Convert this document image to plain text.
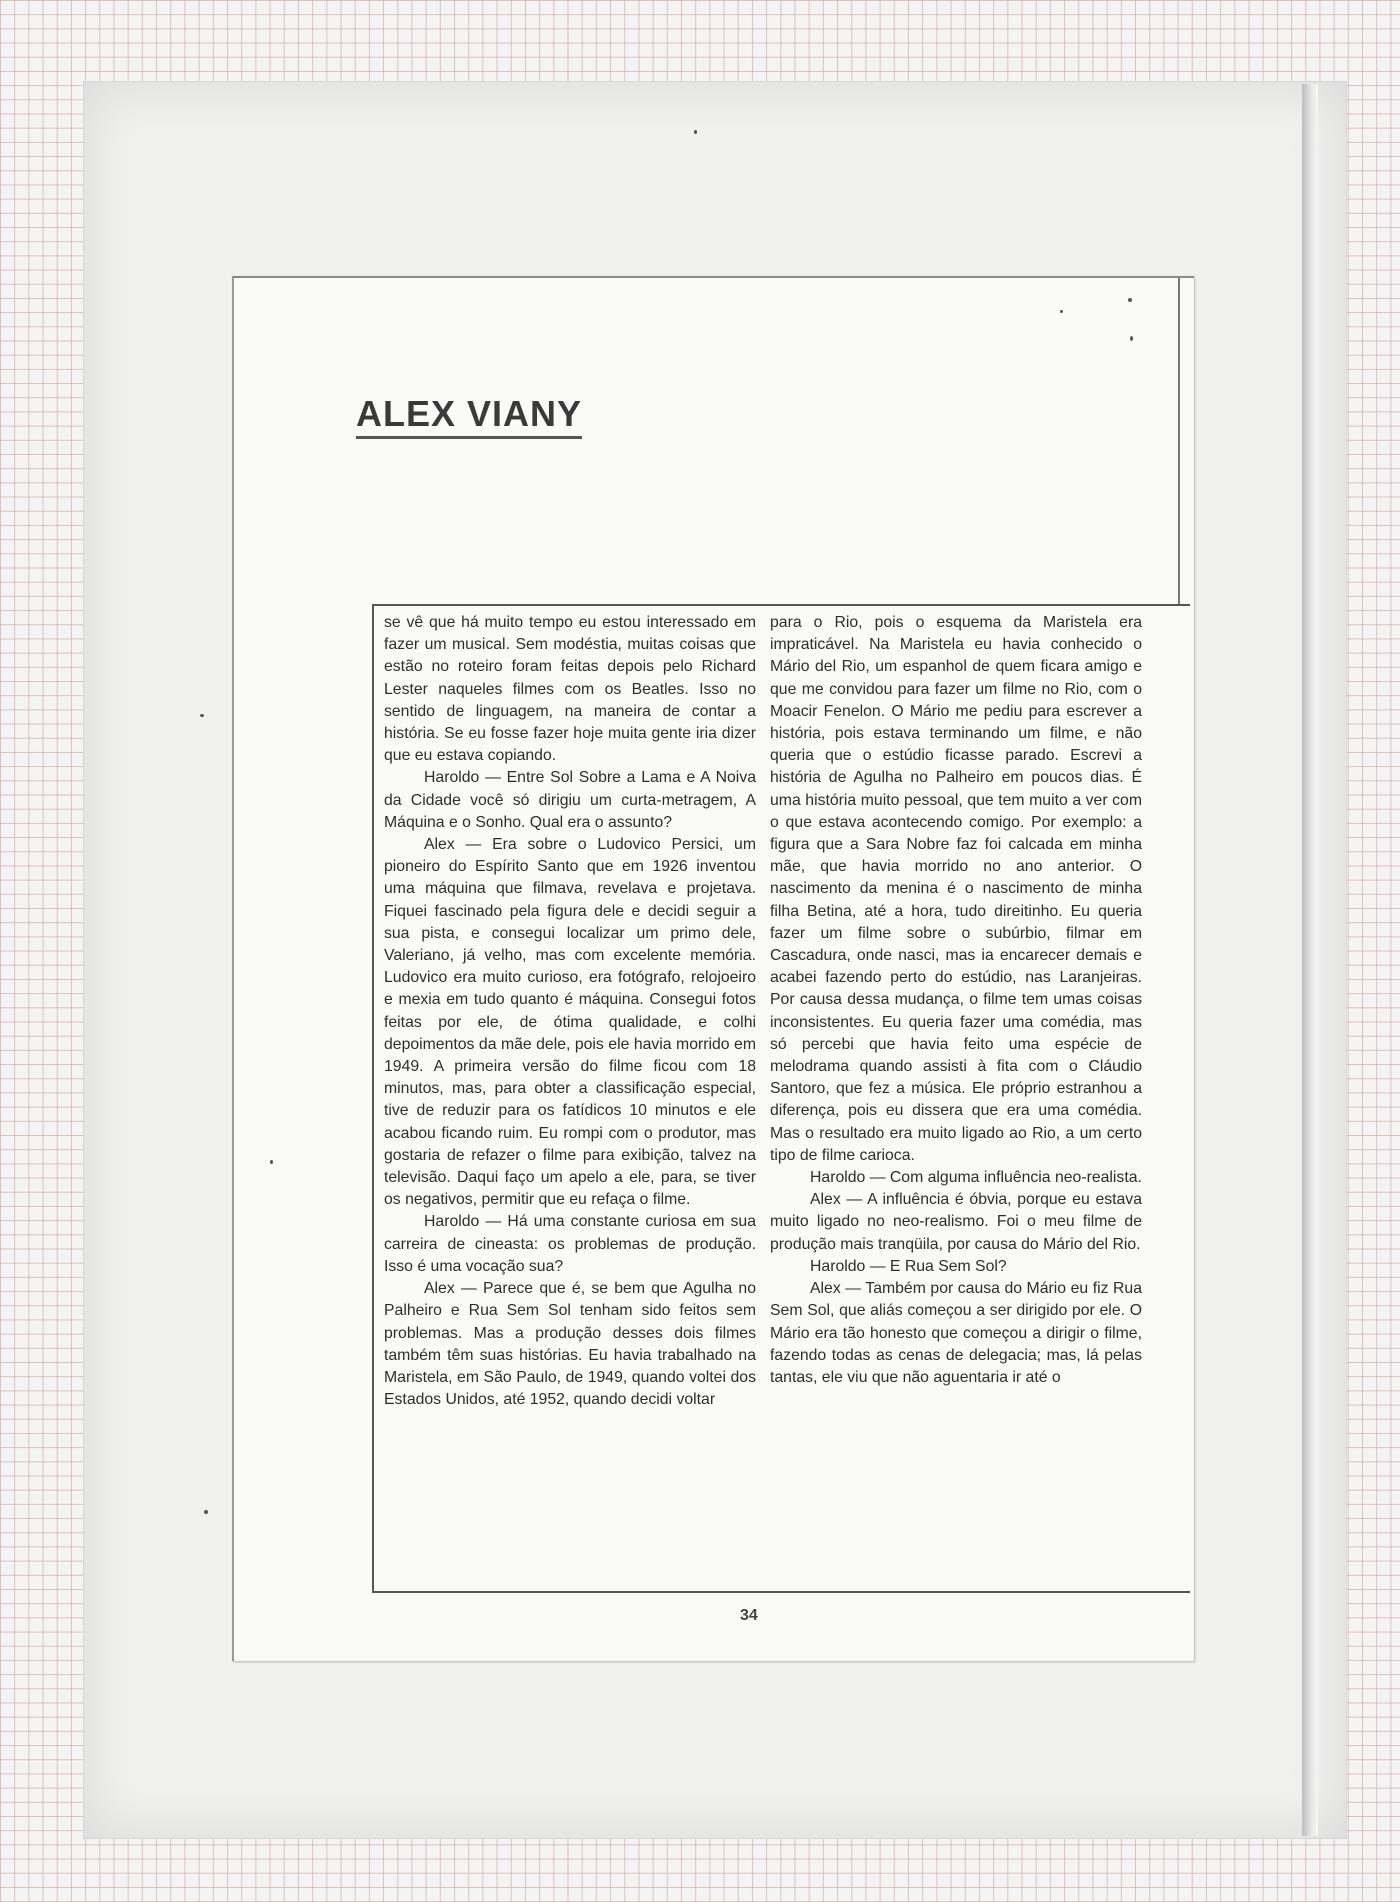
ALEX VIANY

se vê que há muito tempo eu estou interessado em fazer um musical. Sem modéstia, muitas coisas que estão no roteiro foram feitas depois pelo Richard Lester naqueles filmes com os Beatles. Isso no sentido de linguagem, na maneira de contar a história. Se eu fosse fazer hoje muita gente iria dizer que eu estava copiando.

Haroldo — Entre Sol Sobre a Lama e A Noiva da Cidade você só dirigiu um curta-metragem, A Máquina e o Sonho. Qual era o assunto?

Alex — Era sobre o Ludovico Persici, um pioneiro do Espírito Santo que em 1926 inventou uma máquina que filmava, revelava e projetava. Fiquei fascinado pela figura dele e decidi seguir a sua pista, e consegui localizar um primo dele, Valeriano, já velho, mas com excelente memória. Ludovico era muito curioso, era fotógrafo, relojoeiro e mexia em tudo quanto é máquina. Consegui fotos feitas por ele, de ótima qualidade, e colhi depoimentos da mãe dele, pois ele havia morrido em 1949. A primeira versão do filme ficou com 18 minutos, mas, para obter a classificação especial, tive de reduzir para os fatídicos 10 minutos e ele acabou ficando ruim. Eu rompi com o produtor, mas gostaria de refazer o filme para exibição, talvez na televisão. Daqui faço um apelo a ele, para, se tiver os negativos, permitir que eu refaça o filme.

Haroldo — Há uma constante curiosa em sua carreira de cineasta: os problemas de produção. Isso é uma vocação sua?

Alex — Parece que é, se bem que Agulha no Palheiro e Rua Sem Sol tenham sido feitos sem problemas. Mas a produção desses dois filmes também têm suas histórias. Eu havia trabalhado na Maristela, em São Paulo, de 1949, quando voltei dos Estados Unidos, até 1952, quando decidi voltar

para o Rio, pois o esquema da Maristela era impraticável. Na Maristela eu havia conhecido o Mário del Rio, um espanhol de quem ficara amigo e que me convidou para fazer um filme no Rio, com o Moacir Fenelon. O Mário me pediu para escrever a história, pois estava terminando um filme, e não queria que o estúdio ficasse parado. Escrevi a história de Agulha no Palheiro em poucos dias. É uma história muito pessoal, que tem muito a ver com o que estava acontecendo comigo. Por exemplo: a figura que a Sara Nobre faz foi calcada em minha mãe, que havia morrido no ano anterior. O nascimento da menina é o nascimento de minha filha Betina, até a hora, tudo direitinho. Eu queria fazer um filme sobre o subúrbio, filmar em Cascadura, onde nasci, mas ia encarecer demais e acabei fazendo perto do estúdio, nas Laranjeiras. Por causa dessa mudança, o filme tem umas coisas inconsistentes. Eu queria fazer uma comédia, mas só percebi que havia feito uma espécie de melodrama quando assisti à fita com o Cláudio Santoro, que fez a música. Ele próprio estranhou a diferença, pois eu dissera que era uma comédia. Mas o resultado era muito ligado ao Rio, a um certo tipo de filme carioca.

Haroldo — Com alguma influência neo-realista.

Alex — A influência é óbvia, porque eu estava muito ligado no neo-realismo. Foi o meu filme de produção mais tranqüila, por causa do Mário del Rio.

Haroldo — E Rua Sem Sol?

Alex — Também por causa do Mário eu fiz Rua Sem Sol, que aliás começou a ser dirigido por ele. O Mário era tão honesto que começou a dirigir o filme, fazendo todas as cenas de delegacia; mas, lá pelas tantas, ele viu que não aguentaria ir até o

34
